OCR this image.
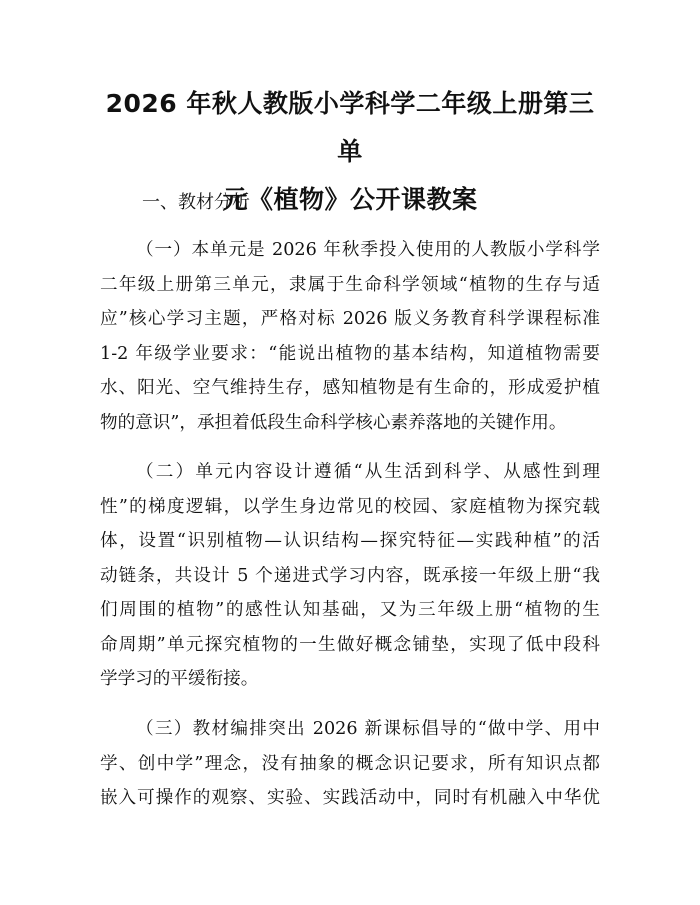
2026 年秋人教版小学科学二年级上册第三单
元《植物》公开课教案
一、教材分析

（一）本单元是 2026 年秋季投入使用的人教版小学科学
二年级上册第三单元，隶属于生命科学领域“植物的生存与适
应”核心学习主题，严格对标 2026 版义务教育科学课程标准
1-2 年级学业要求：“能说出植物的基本结构，知道植物需要
水、阳光、空气维持生存，感知植物是有生命的，形成爱护植
物的意识”，承担着低段生命科学核心素养落地的关键作用。

（二）单元内容设计遵循“从生活到科学、从感性到理
性”的梯度逻辑，以学生身边常见的校园、家庭植物为探究载
体，设置“识别植物—认识结构—探究特征—实践种植”的活
动链条，共设计 5 个递进式学习内容，既承接一年级上册“我
们周围的植物”的感性认知基础，又为三年级上册“植物的生
命周期”单元探究植物的一生做好概念铺垫，实现了低中段科
学学习的平缓衔接。

（三）教材编排突出 2026 新课标倡导的“做中学、用中
学、创中学”理念，没有抽象的概念识记要求，所有知识点都
嵌入可操作的观察、实验、实践活动中，同时有机融入中华优
